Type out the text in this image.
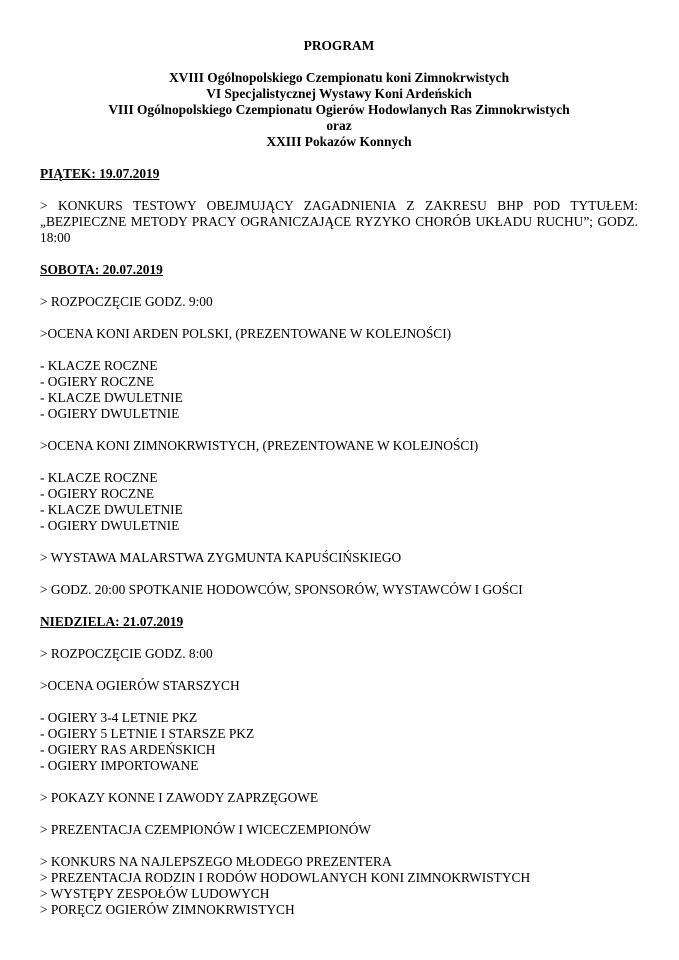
PROGRAM
XVIII Ogólnopolskiego Czempionatu koni Zimnokrwistych
VI Specjalistycznej Wystawy Koni Ardeńskich
VIII Ogólnopolskiego Czempionatu Ogierów Hodowlanych Ras Zimnokrwistych
oraz
XXIII Pokazów Konnych
PIĄTEK: 19.07.2019
> KONKURS TESTOWY OBEJMUJĄCY ZAGADNIENIA Z ZAKRESU BHP POD TYTUŁEM: „BEZPIECZNE METODY PRACY OGRANICZAJĄCE RYZYKO CHORÓB UKŁADU RUCHU”; GODZ. 18:00
SOBOTA: 20.07.2019
> ROZPOCZĘCIE GODZ. 9:00
>OCENA KONI ARDEN POLSKI, (PREZENTOWANE W KOLEJNOŚCI)
- KLACZE ROCZNE
- OGIERY ROCZNE
- KLACZE DWULETNIE
- OGIERY DWULETNIE
>OCENA KONI ZIMNOKRWISTYCH, (PREZENTOWANE W KOLEJNOŚCI)
- KLACZE ROCZNE
- OGIERY ROCZNE
- KLACZE DWULETNIE
- OGIERY DWULETNIE
> WYSTAWA MALARSTWA ZYGMUNTA KAPUŚCIŃSKIEGO
> GODZ. 20:00 SPOTKANIE HODOWCÓW, SPONSORÓW, WYSTAWCÓW I GOŚCI
NIEDZIELA: 21.07.2019
> ROZPOCZĘCIE GODZ. 8:00
>OCENA OGIERÓW STARSZYCH
- OGIERY 3-4 LETNIE PKZ
- OGIERY 5 LETNIE I STARSZE PKZ
- OGIERY RAS ARDEŃSKICH
- OGIERY IMPORTOWANE
> POKAZY KONNE I ZAWODY ZAPRZĘGOWE
> PREZENTACJA CZEMPIONÓW I WICECZEMPIONÓW
> KONKURS NA NAJLEPSZEGO MŁODEGO PREZENTERA
> PREZENTACJA RODZIN I RODÓW HODOWLANYCH KONI ZIMNOKRWISTYCH
> WYSTĘPY ZESPOŁÓW LUDOWYCH
> PORĘCZ OGIERÓW ZIMNOKRWISTYCH
